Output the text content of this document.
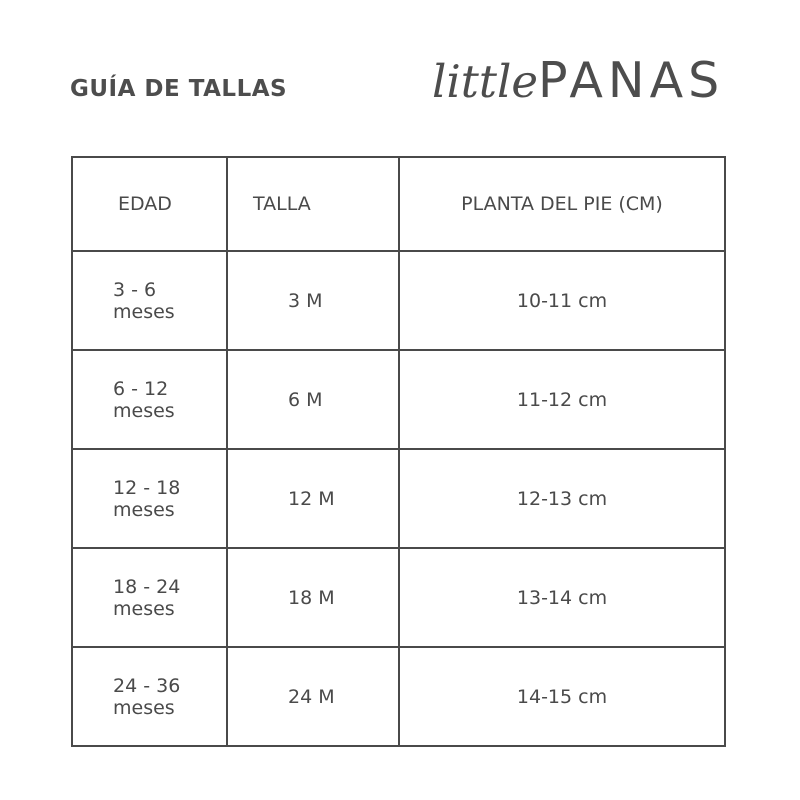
GUÍA DE TALLAS	littlePANAS
EDAD	TALLA	PLANTA DEL PIE (CM)

3 - 6
meses	3 M	10-11 cm

6 - 12
meses	6 M	11-12 cm

12 - 18
meses	12 M	12-13 cm

18 - 24
meses	18 M	13-14 cm

24 - 36
meses	24 M	14-15 cm
